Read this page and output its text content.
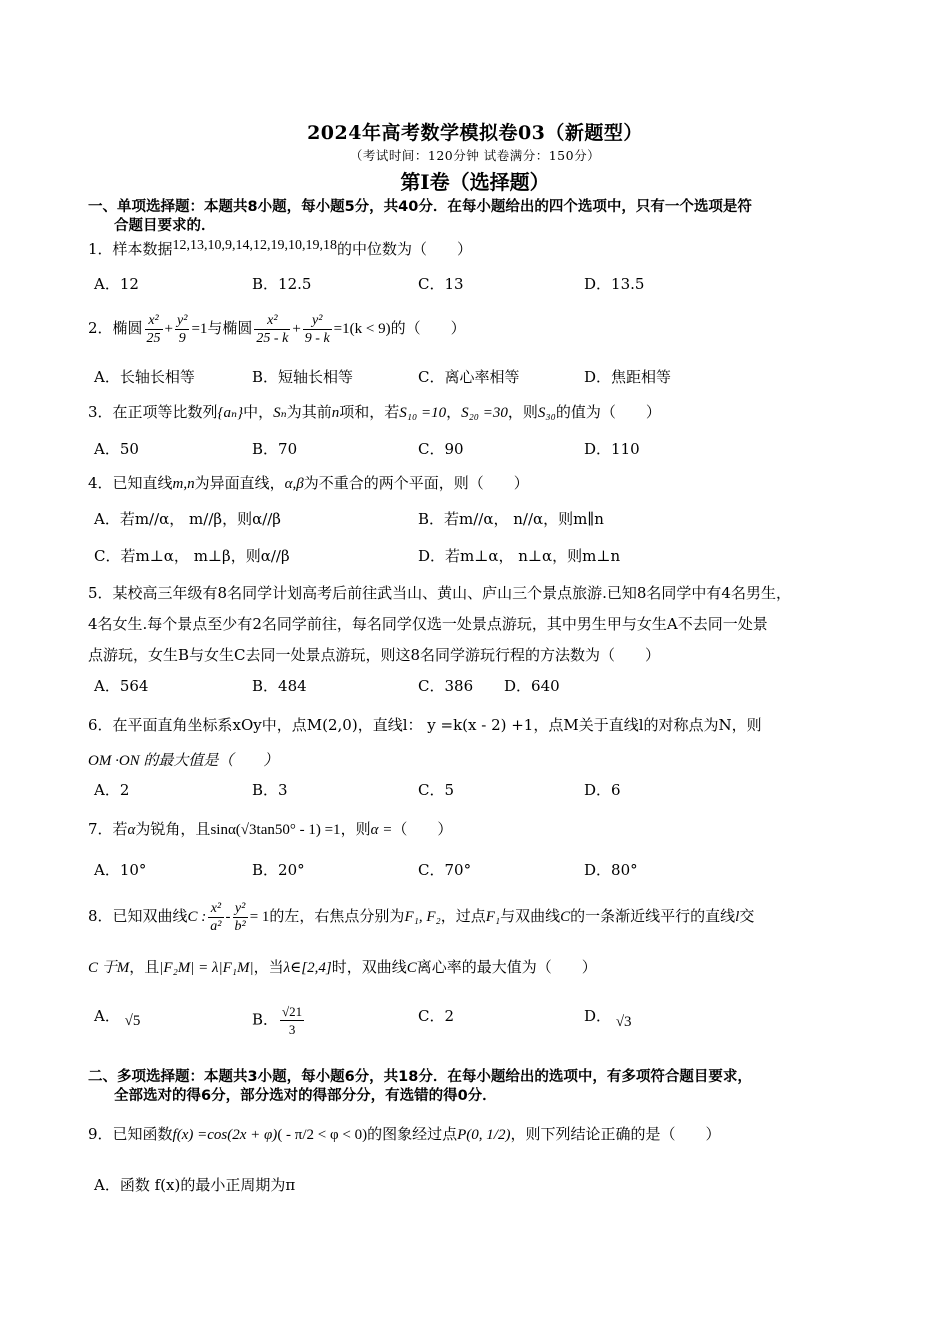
2024年高考数学模拟卷03（新题型）
（考试时间：120分钟 试卷满分：150分）
第I卷（选择题）
一、单项选择题：本题共8小题，每小题5分，共40分．在每小题给出的四个选项中，只有一个选项是符
合题目要求的．
1．样本数据12,13,10,9,14,12,19,10,19,18的中位数为（　　）
A．12	B．12.5	C．13	D．13.5
2．椭圆 $\frac{\text{x²}}{25} + \frac{\text{y²}}{9} =1$与椭圆 $\frac{\text{x²}}{25 - k} + \frac{\text{y²}}{9 - k} =1(k < 9)$的（　　）
A．长轴长相等	B．短轴长相等	C．离心率相等	D．焦距相等
3．在正项等比数列{aₙ}中，Sₙ为其前n项和，若S₁₀ =10，S₂₀ =30，则S₃₀的值为（　　）
A．50	B．70	C．90	D．110
4．已知直线m,n为异面直线，α,β为不重合的两个平面，则（　　）
A．若m∕∕α， m∕∕β，则α∕∕β	B．若m∕∕α， n∕∕α，则m∥n
C．若m⊥α， m⊥β，则α∕∕β	D．若m⊥α， n⊥α，则m⊥n
5．某校高三年级有8名同学计划高考后前往武当山、黄山、庐山三个景点旅游.已知8名同学中有4名男生，
4名女生.每个景点至少有2名同学前往，每名同学仅选一处景点游玩，其中男生甲与女生A不去同一处景
点游玩，女生B与女生C去同一处景点游玩，则这8名同学游玩行程的方法数为（　　）
A．564	B．484	C．386 D．640
6．在平面直角坐标系xOy中，点M(2,0)，直线l： y =k(x - 2) +1，点M关于直线l的对称点为N，则
OM ·ON 的最大值是（　　）
A．2	B．3	C．5	D．6
7．若α为锐角，且sinα(√3tan50° - 1) =1，则α =（　　）
A．10°	B．20°	C．70°	D．80°
8．已知双曲线C : $\frac{\text{x²}}{\text{a²}} - \frac{\text{y²}}{\text{b²}} = 1$的左，右焦点分别为F₁, F₂，过点F₁与双曲线C的一条渐近线平行的直线l交
C 于M，且|F₂M| = λ|F₁M|，当λ∈[2,4]时，双曲线C离心率的最大值为（　　）
A． √5	B． $\frac{√21}{3}$	C．2	D． √3
二、多项选择题：本题共3小题，每小题6分，共18分．在每小题给出的选项中，有多项符合题目要求，
全部选对的得6分，部分选对的得部分分，有选错的得0分．
9．已知函数f(x) =cos(2x + φ)( - π/2 < φ < 0)的图象经过点P(0, 1/2)，则下列结论正确的是（　　）
A．函数 f(x)的最小正周期为π
